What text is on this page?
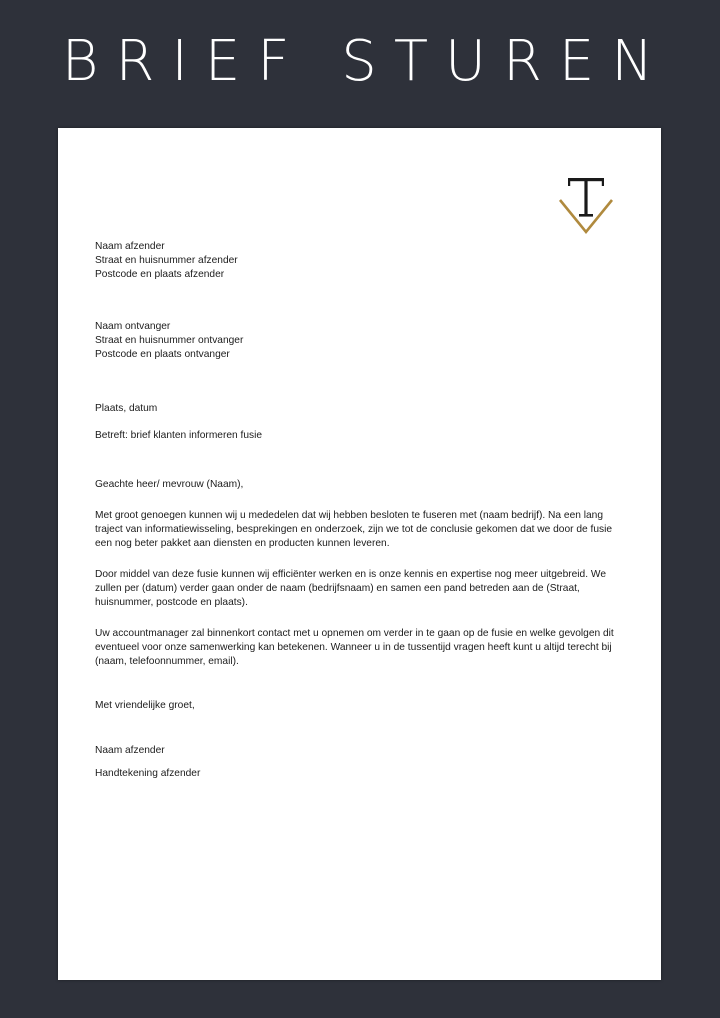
BRIEF STUREN
Naam afzender
Straat en huisnummer afzender
Postcode en plaats afzender
Naam ontvanger
Straat en huisnummer ontvanger
Postcode en plaats ontvanger
Plaats, datum
Betreft: brief klanten informeren fusie
Geachte heer/ mevrouw (Naam),
Met groot genoegen kunnen wij u mededelen dat wij hebben besloten te fuseren met (naam bedrijf). Na een lang
traject van informatiewisseling, besprekingen en onderzoek, zijn we tot de conclusie gekomen dat we door de fusie
een nog beter pakket aan diensten en producten kunnen leveren.
Door middel van deze fusie kunnen wij efficiënter werken en is onze kennis en expertise nog meer uitgebreid. We
zullen per (datum) verder gaan onder de naam (bedrijfsnaam) en samen een pand betreden aan de (Straat,
huisnummer, postcode en plaats).
Uw accountmanager zal binnenkort contact met u opnemen om verder in te gaan op de fusie en welke gevolgen dit
eventueel voor onze samenwerking kan betekenen. Wanneer u in de tussentijd vragen heeft kunt u altijd terecht bij
(naam, telefoonnummer, email).
Met vriendelijke groet,
Naam afzender
Handtekening afzender
